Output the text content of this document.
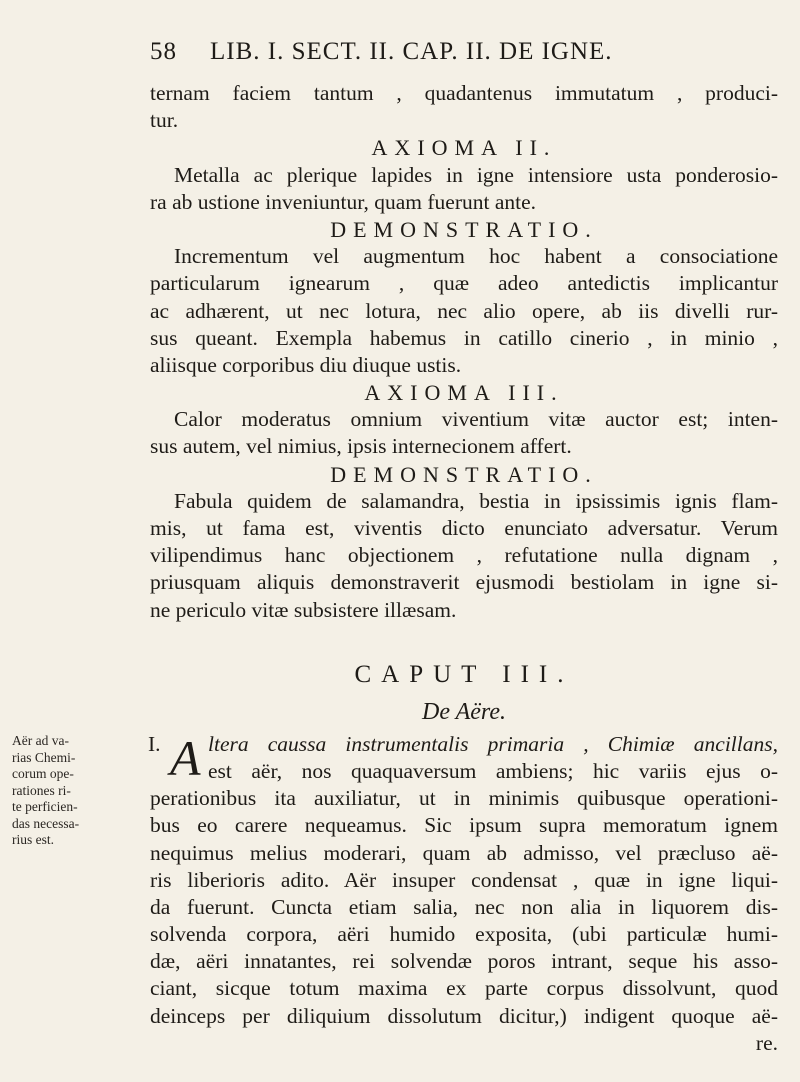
58 LIB. I. SECT. II. CAP. II. DE IGNE.
Aër ad va-
rias Chemi-
corum ope-
rationes ri-
te perficien-
das necessa-
rius est.
ternam faciem tantum , quadantenus immutatum , produci-
tur.
AXIOMA II.
Metalla ac plerique lapides in igne intensiore usta ponderosio-
ra ab ustione inveniuntur, quam fuerunt ante.
DEMONSTRATIO.
Incrementum vel augmentum hoc habent a consociatione
particularum ignearum , quæ adeo antedictis implicantur
ac adhærent, ut nec lotura, nec alio opere, ab iis divelli rur-
sus queant. Exempla habemus in catillo cinerio , in minio ,
aliisque corporibus diu diuque ustis.
AXIOMA III.
Calor moderatus omnium viventium vitæ auctor est; inten-
sus autem, vel nimius, ipsis internecionem affert.
DEMONSTRATIO.
Fabula quidem de salamandra, bestia in ipsissimis ignis flam-
mis, ut fama est, viventis dicto enunciato adversatur. Verum
vilipendimus hanc objectionem , refutatione nulla dignam ,
priusquam aliquis demonstraverit ejusmodi bestiolam in igne si-
ne periculo vitæ subsistere illæsam.
CAPUT III.
De Aëre.
I. A ltera caussa instrumentalis primaria , Chimiæ ancillans,
est aër, nos quaquaversum ambiens; hic variis ejus o-
perationibus ita auxiliatur, ut in minimis quibusque operationi-
bus eo carere nequeamus. Sic ipsum supra memoratum ignem
nequimus melius moderari, quam ab admisso, vel præcluso aë-
ris liberioris adito. Aër insuper condensat , quæ in igne liqui-
da fuerunt. Cuncta etiam salia, nec non alia in liquorem dis-
solvenda corpora, aëri humido exposita, (ubi particulæ humi-
dæ, aëri innatantes, rei solvendæ poros intrant, seque his asso-
ciant, sicque totum maxima ex parte corpus dissolvunt, quod
deinceps per diliquium dissolutum dicitur,) indigent quoque aë-
re.
